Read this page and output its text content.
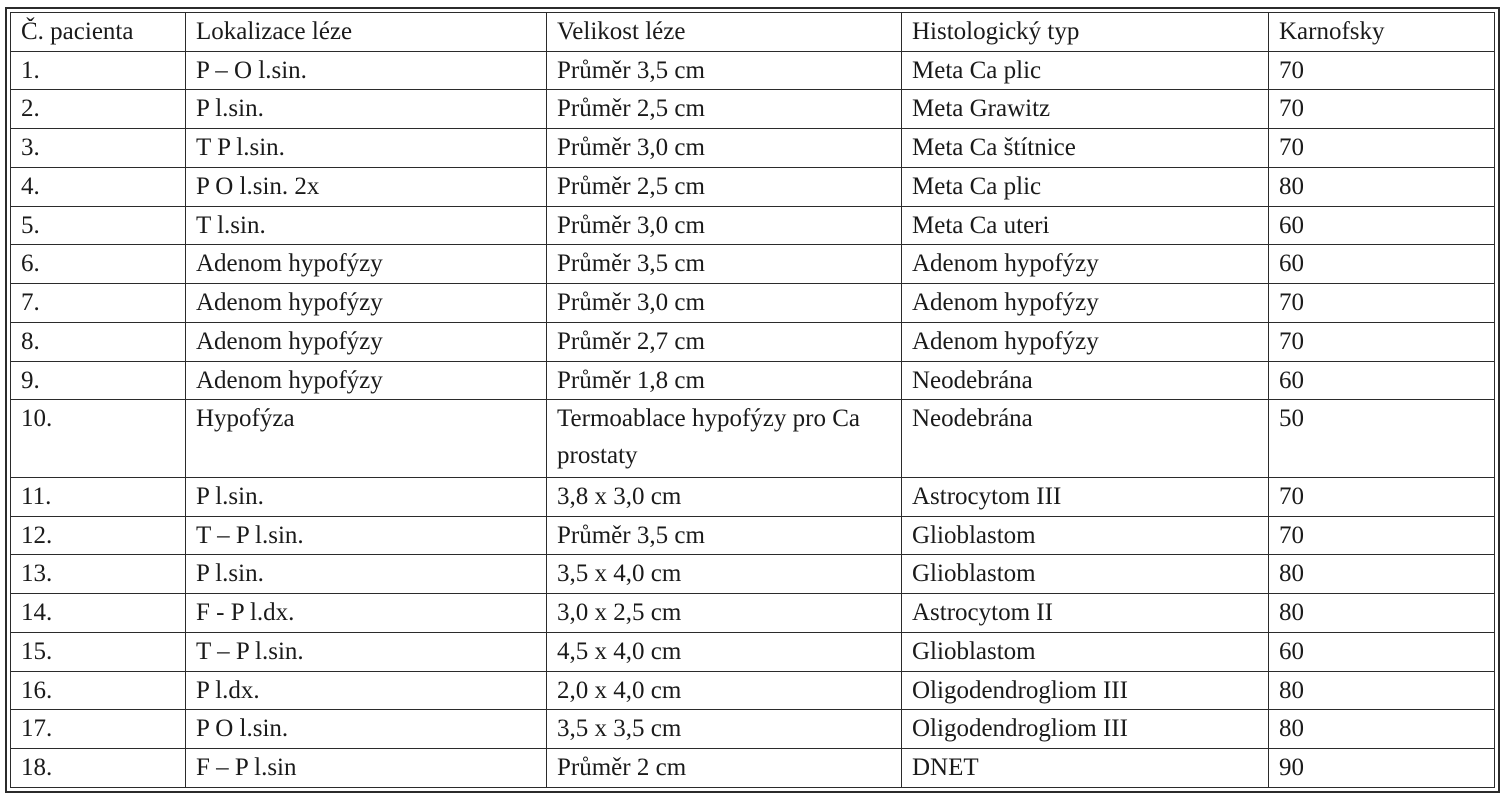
Č. pacienta	Lokalizace léze	Velikost léze	Histologický typ	Karnofsky
1.	P – O l.sin.	Průměr 3,5 cm	Meta Ca plic	70
2.	P l.sin.	Průměr 2,5 cm	Meta Grawitz	70
3.	T P l.sin.	Průměr 3,0 cm	Meta Ca štítnice	70
4.	P O l.sin. 2x	Průměr 2,5 cm	Meta Ca plic	80
5.	T l.sin.	Průměr 3,0 cm	Meta Ca uteri	60
6.	Adenom hypofýzy	Průměr 3,5 cm	Adenom hypofýzy	60
7.	Adenom hypofýzy	Průměr 3,0 cm	Adenom hypofýzy	70
8.	Adenom hypofýzy	Průměr 2,7 cm	Adenom hypofýzy	70
9.	Adenom hypofýzy	Průměr 1,8 cm	Neodebrána	60
10.	Hypofýza	Termoablace hypofýzy pro Ca prostaty	Neodebrána	50
11.	P l.sin.	3,8 x 3,0 cm	Astrocytom III	70
12.	T – P l.sin.	Průměr 3,5 cm	Glioblastom	70
13.	P l.sin.	3,5 x 4,0 cm	Glioblastom	80
14.	F - P l.dx.	3,0 x 2,5 cm	Astrocytom II	80
15.	T – P l.sin.	4,5 x 4,0 cm	Glioblastom	60
16.	P l.dx.	2,0 x 4,0 cm	Oligodendrogliom III	80
17.	P O l.sin.	3,5 x 3,5 cm	Oligodendrogliom III	80
18.	F – P l.sin	Průměr 2 cm	DNET	90
